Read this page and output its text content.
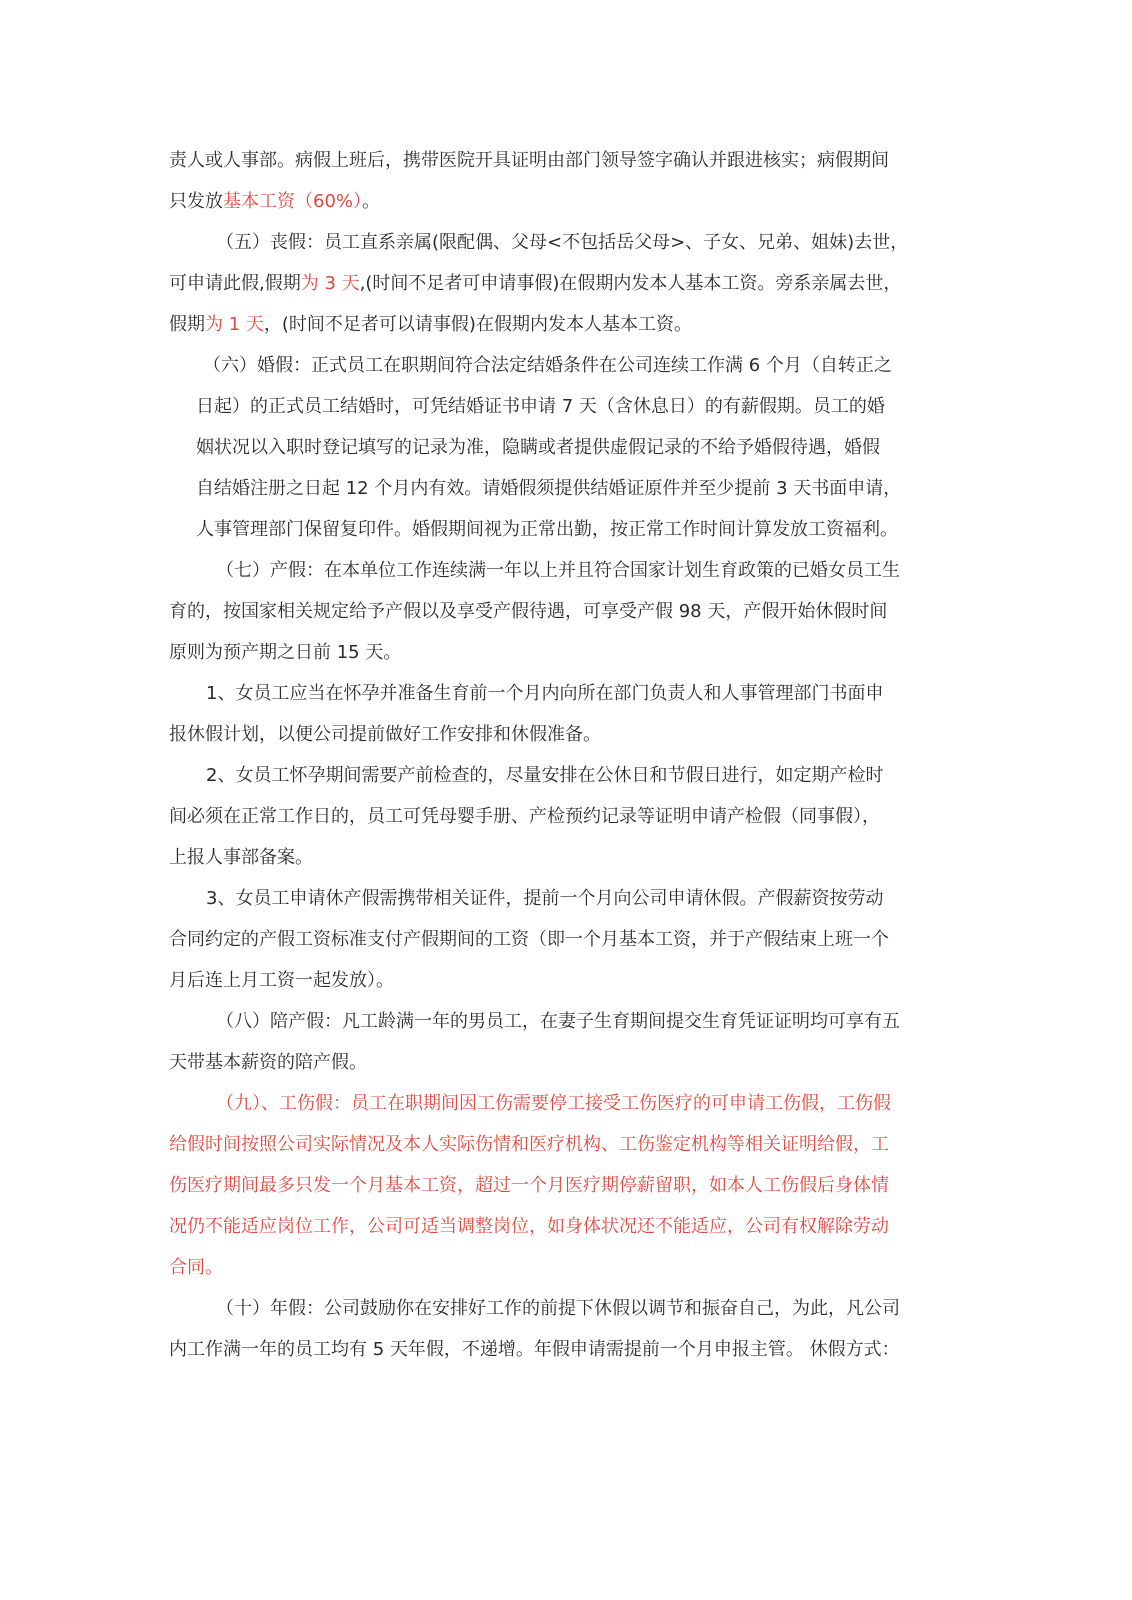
责人或人事部。病假上班后，携带医院开具证明由部门领导签字确认并跟进核实；病假期间
只发放基本工资（60%）。
（五）丧假：员工直系亲属(限配偶、父母<不包括岳父母>、子女、兄弟、姐妹)去世，
可申请此假,假期为 3 天,(时间不足者可申请事假)在假期内发本人基本工资。旁系亲属去世，
假期为 1 天，(时间不足者可以请事假)在假期内发本人基本工资。
（六）婚假：正式员工在职期间符合法定结婚条件在公司连续工作满 6 个月（自转正之
日起）的正式员工结婚时，可凭结婚证书申请 7 天（含休息日）的有薪假期。员工的婚
姻状况以入职时登记填写的记录为准，隐瞒或者提供虚假记录的不给予婚假待遇，婚假
自结婚注册之日起 12 个月内有效。请婚假须提供结婚证原件并至少提前 3 天书面申请，
人事管理部门保留复印件。婚假期间视为正常出勤，按正常工作时间计算发放工资福利。
（七）产假：在本单位工作连续满一年以上并且符合国家计划生育政策的已婚女员工生
育的，按国家相关规定给予产假以及享受产假待遇，可享受产假 98 天，产假开始休假时间
原则为预产期之日前 15 天。
1、女员工应当在怀孕并准备生育前一个月内向所在部门负责人和人事管理部门书面申
报休假计划，以便公司提前做好工作安排和休假准备。
2、女员工怀孕期间需要产前检查的，尽量安排在公休日和节假日进行，如定期产检时
间必须在正常工作日的，员工可凭母婴手册、产检预约记录等证明申请产检假（同事假），
上报人事部备案。
3、女员工申请休产假需携带相关证件，提前一个月向公司申请休假。产假薪资按劳动
合同约定的产假工资标准支付产假期间的工资（即一个月基本工资，并于产假结束上班一个
月后连上月工资一起发放）。
（八）陪产假：凡工龄满一年的男员工，在妻子生育期间提交生育凭证证明均可享有五
天带基本薪资的陪产假。
（九）、工伤假：员工在职期间因工伤需要停工接受工伤医疗的可申请工伤假，工伤假
给假时间按照公司实际情况及本人实际伤情和医疗机构、工伤鉴定机构等相关证明给假，工
伤医疗期间最多只发一个月基本工资，超过一个月医疗期停薪留职，如本人工伤假后身体情
况仍不能适应岗位工作，公司可适当调整岗位，如身体状况还不能适应，公司有权解除劳动
合同。
（十）年假：公司鼓励你在安排好工作的前提下休假以调节和振奋自己，为此，凡公司
内工作满一年的员工均有 5 天年假，不递增。年假申请需提前一个月申报主管。 休假方式：
